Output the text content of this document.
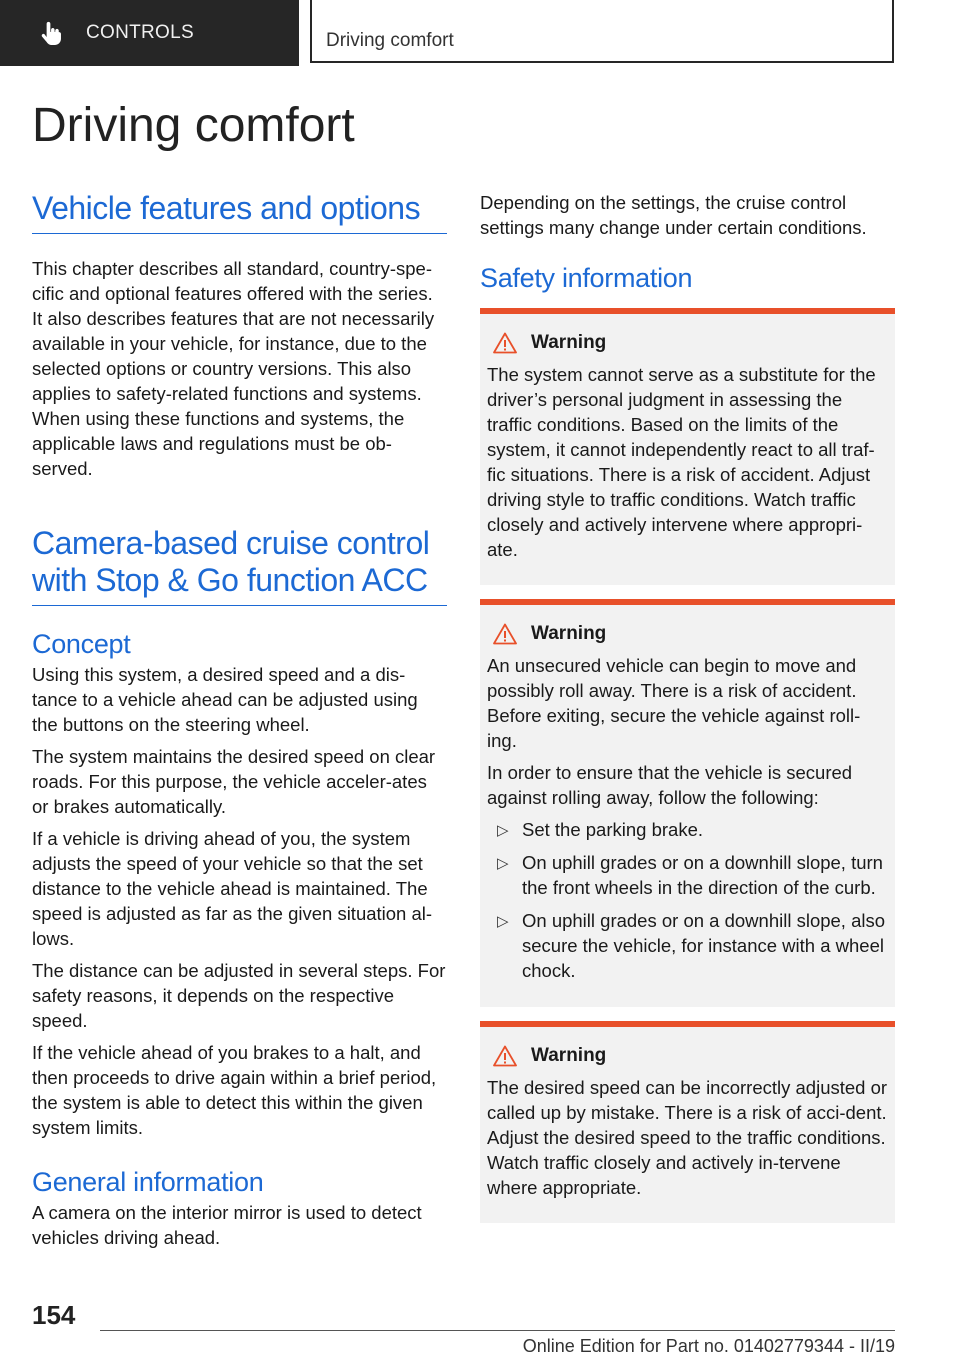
CONTROLS	Driving comfort
Driving comfort
Vehicle features and options

This chapter describes all standard, country-spe-cific and optional features offered with the series. It also describes features that are not necessarily available in your vehicle, for instance, due to the selected options or country versions. This also applies to safety-related functions and systems. When using these functions and systems, the applicable laws and regulations must be ob-served.

Camera-based cruise control with Stop & Go function ACC
Concept

Using this system, a desired speed and a dis-tance to a vehicle ahead can be adjusted using the buttons on the steering wheel.

The system maintains the desired speed on clear roads. For this purpose, the vehicle acceler-ates or brakes automatically.

If a vehicle is driving ahead of you, the system adjusts the speed of your vehicle so that the set distance to the vehicle ahead is maintained. The speed is adjusted as far as the given situation al-lows.

The distance can be adjusted in several steps. For safety reasons, it depends on the respective speed.

If the vehicle ahead of you brakes to a halt, and then proceeds to drive again within a brief period, the system is able to detect this within the given system limits.

General information

A camera on the interior mirror is used to detect vehicles driving ahead.

Depending on the settings, the cruise control settings many change under certain conditions.

Safety information
Warning

The system cannot serve as a substitute for the driver’s personal judgment in assessing the traffic conditions. Based on the limits of the system, it cannot independently react to all traf-fic situations. There is a risk of accident. Adjust driving style to traffic conditions. Watch traffic closely and actively intervene where appropri-ate.

Warning

An unsecured vehicle can begin to move and possibly roll away. There is a risk of accident. Before exiting, secure the vehicle against roll-ing.

In order to ensure that the vehicle is secured against rolling away, follow the following:

▷ Set the parking brake.
▷ On uphill grades or on a downhill slope, turn the front wheels in the direction of the curb.
▷ On uphill grades or on a downhill slope, also secure the vehicle, for instance with a wheel chock.
Warning

The desired speed can be incorrectly adjusted or called up by mistake. There is a risk of acci-dent. Adjust the desired speed to the traffic conditions. Watch traffic closely and actively in-tervene where appropriate.

154
Online Edition for Part no. 01402779344 - II/19
